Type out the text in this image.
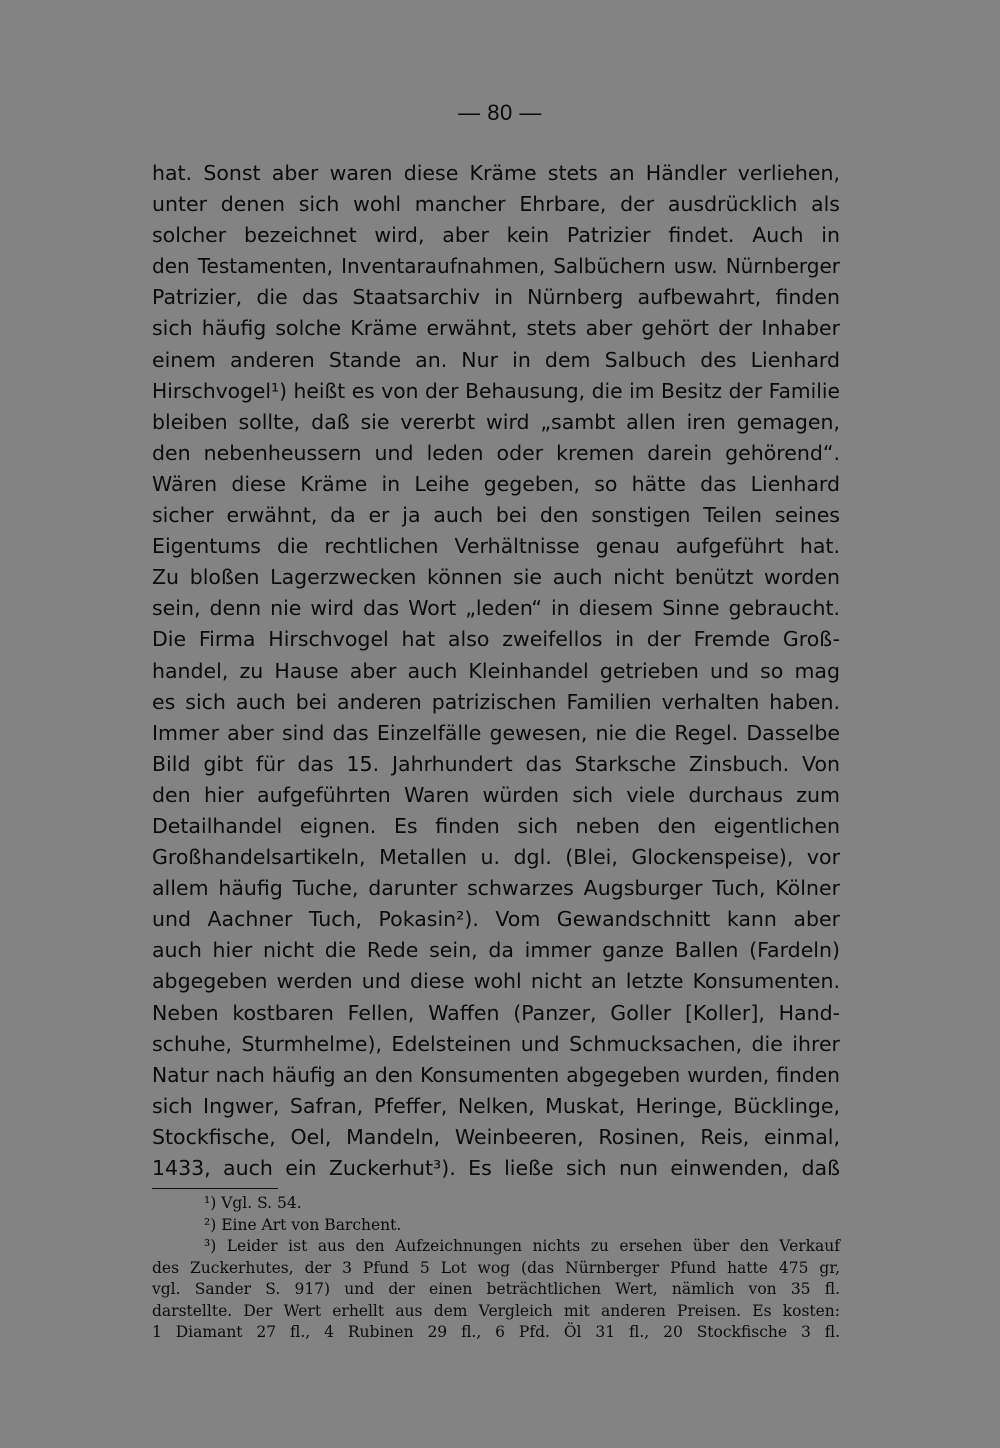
— 80 —
hat. Sonst aber waren diese Kräme stets an Händler verliehen,
unter denen sich wohl mancher Ehrbare, der ausdrücklich als
solcher bezeichnet wird, aber kein Patrizier findet. Auch in
den Testamenten, Inventaraufnahmen, Salbüchern usw. Nürnberger
Patrizier, die das Staatsarchiv in Nürnberg aufbewahrt, finden
sich häufig solche Kräme erwähnt, stets aber gehört der Inhaber
einem anderen Stande an. Nur in dem Salbuch des Lienhard
Hirschvogel¹) heißt es von der Behausung, die im Besitz der Familie
bleiben sollte, daß sie vererbt wird „sambt allen iren gemagen,
den nebenheussern und leden oder kremen darein gehörend“.
Wären diese Kräme in Leihe gegeben, so hätte das Lienhard
sicher erwähnt, da er ja auch bei den sonstigen Teilen seines
Eigentums die rechtlichen Verhältnisse genau aufgeführt hat.
Zu bloßen Lagerzwecken können sie auch nicht benützt worden
sein, denn nie wird das Wort „leden“ in diesem Sinne gebraucht.
Die Firma Hirschvogel hat also zweifellos in der Fremde Groß-
handel, zu Hause aber auch Kleinhandel getrieben und so mag
es sich auch bei anderen patrizischen Familien verhalten haben.
Immer aber sind das Einzelfälle gewesen, nie die Regel. Dasselbe
Bild gibt für das 15. Jahrhundert das Starksche Zinsbuch. Von
den hier aufgeführten Waren würden sich viele durchaus zum
Detailhandel eignen. Es finden sich neben den eigentlichen
Großhandelsartikeln, Metallen u. dgl. (Blei, Glockenspeise), vor
allem häufig Tuche, darunter schwarzes Augsburger Tuch, Kölner
und Aachner Tuch, Pokasin²). Vom Gewandschnitt kann aber
auch hier nicht die Rede sein, da immer ganze Ballen (Fardeln)
abgegeben werden und diese wohl nicht an letzte Konsumenten.
Neben kostbaren Fellen, Waffen (Panzer, Goller [Koller], Hand-
schuhe, Sturmhelme), Edelsteinen und Schmucksachen, die ihrer
Natur nach häufig an den Konsumenten abgegeben wurden, finden
sich Ingwer, Safran, Pfeffer, Nelken, Muskat, Heringe, Bücklinge,
Stockfische, Oel, Mandeln, Weinbeeren, Rosinen, Reis, einmal,
1433, auch ein Zuckerhut³). Es ließe sich nun einwenden, daß
¹) Vgl. S. 54.
²) Eine Art von Barchent.
³) Leider ist aus den Aufzeichnungen nichts zu ersehen über den Verkauf
des Zuckerhutes, der 3 Pfund 5 Lot wog (das Nürnberger Pfund hatte 475 gr,
vgl. Sander S. 917) und der einen beträchtlichen Wert, nämlich von 35 fl.
darstellte. Der Wert erhellt aus dem Vergleich mit anderen Preisen. Es kosten:
1 Diamant 27 fl., 4 Rubinen 29 fl., 6 Pfd. Öl 31 fl., 20 Stockfische 3 fl.
